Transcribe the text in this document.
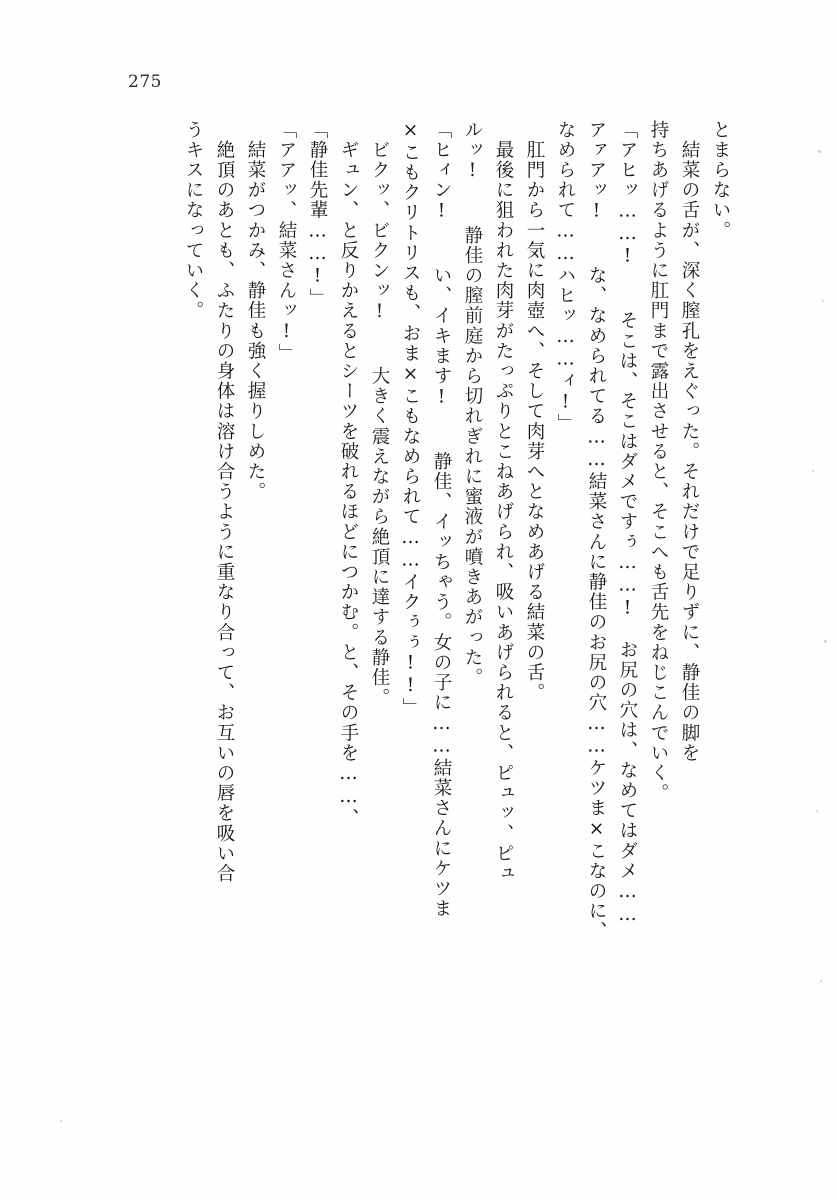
275
とまらない。
　結菜の舌が、深く膣孔をえぐった。それだけで足りずに、静佳の脚を
持ちあげるように肛門まで露出させると、そこへも舌先をねじこんでいく。
「アヒッ……! 　そこは、そこはダメですぅ……!　お尻の穴は、なめてはダメ……
アァアッ! 　な、なめられてる……結菜さんに静佳のお尻の穴……ケツま×こなのに、
なめられて……ハヒッ……ィ!」
　肛門から一気に肉壺へ、そして肉芽へとなめあげる結菜の舌。
　最後に狙われた肉芽がたっぷりとこねあげられ、吸いあげられると、ピュッ、ピュ
ルッ! 　静佳の膣前庭から切れぎれに蜜液が噴きあがった。
「ヒィン! 　い、イキます! 　静佳、イッちゃう。女の子に……結菜さんにケツま
×こもクリトリスも、おま×こもなめられて……イクぅぅ!!」
　ビクッ、ビクンッ! 　大きく震えながら絶頂に達する静佳。
　ギュン、と反りかえるとシーツを破れるほどにつかむ。と、その手を……、
「静佳先輩……!」
「アアッ、結菜さんッ!」
　結菜がつかみ、静佳も強く握りしめた。
　絶頂のあとも、ふたりの身体は溶け合うように重なり合って、お互いの唇を吸い合
うキスになっていく。
